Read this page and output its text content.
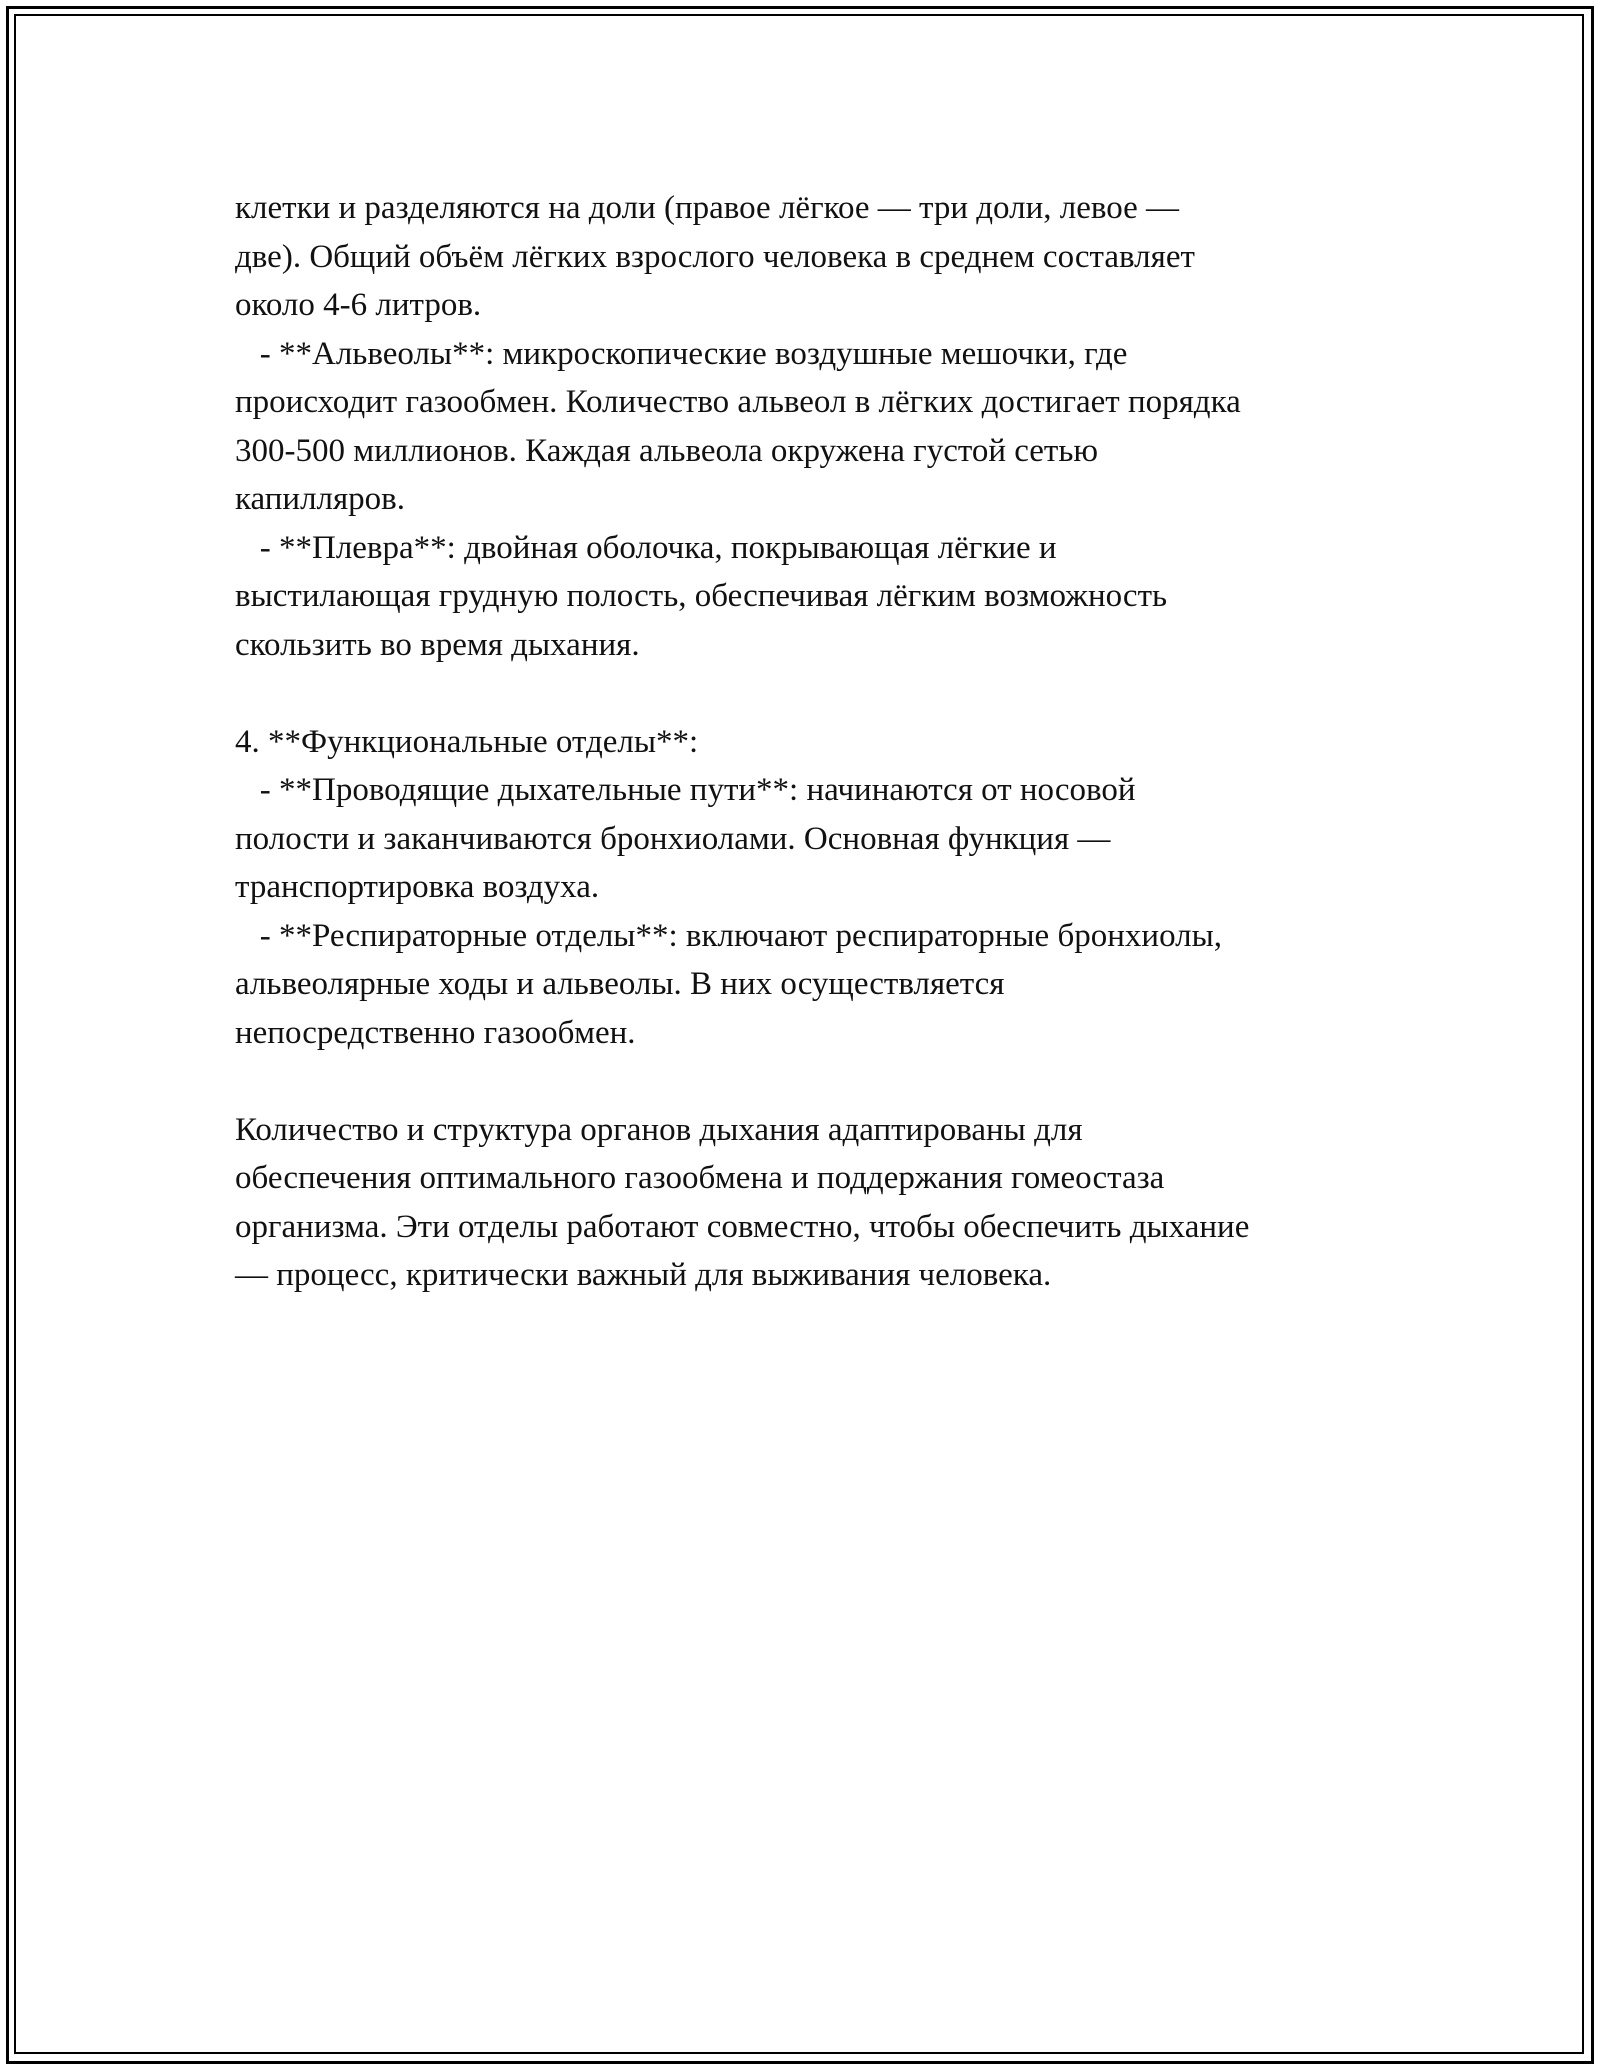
клетки и разделяются на доли (правое лёгкое — три доли, левое —
две). Общий объём лёгких взрослого человека в среднем составляет
около 4-6 литров.
- **Альвеолы**: микроскопические воздушные мешочки, где
происходит газообмен. Количество альвеол в лёгких достигает порядка
300-500 миллионов. Каждая альвеола окружена густой сетью
капилляров.
- **Плевра**: двойная оболочка, покрывающая лёгкие и
выстилающая грудную полость, обеспечивая лёгким возможность
скользить во время дыхания.
4. **Функциональные отделы**:
- **Проводящие дыхательные пути**: начинаются от носовой
полости и заканчиваются бронхиолами. Основная функция —
транспортировка воздуха.
- **Респираторные отделы**: включают респираторные бронхиолы,
альвеолярные ходы и альвеолы. В них осуществляется
непосредственно газообмен.
Количество и структура органов дыхания адаптированы для
обеспечения оптимального газообмена и поддержания гомеостаза
организма. Эти отделы работают совместно, чтобы обеспечить дыхание
— процесс, критически важный для выживания человека.
